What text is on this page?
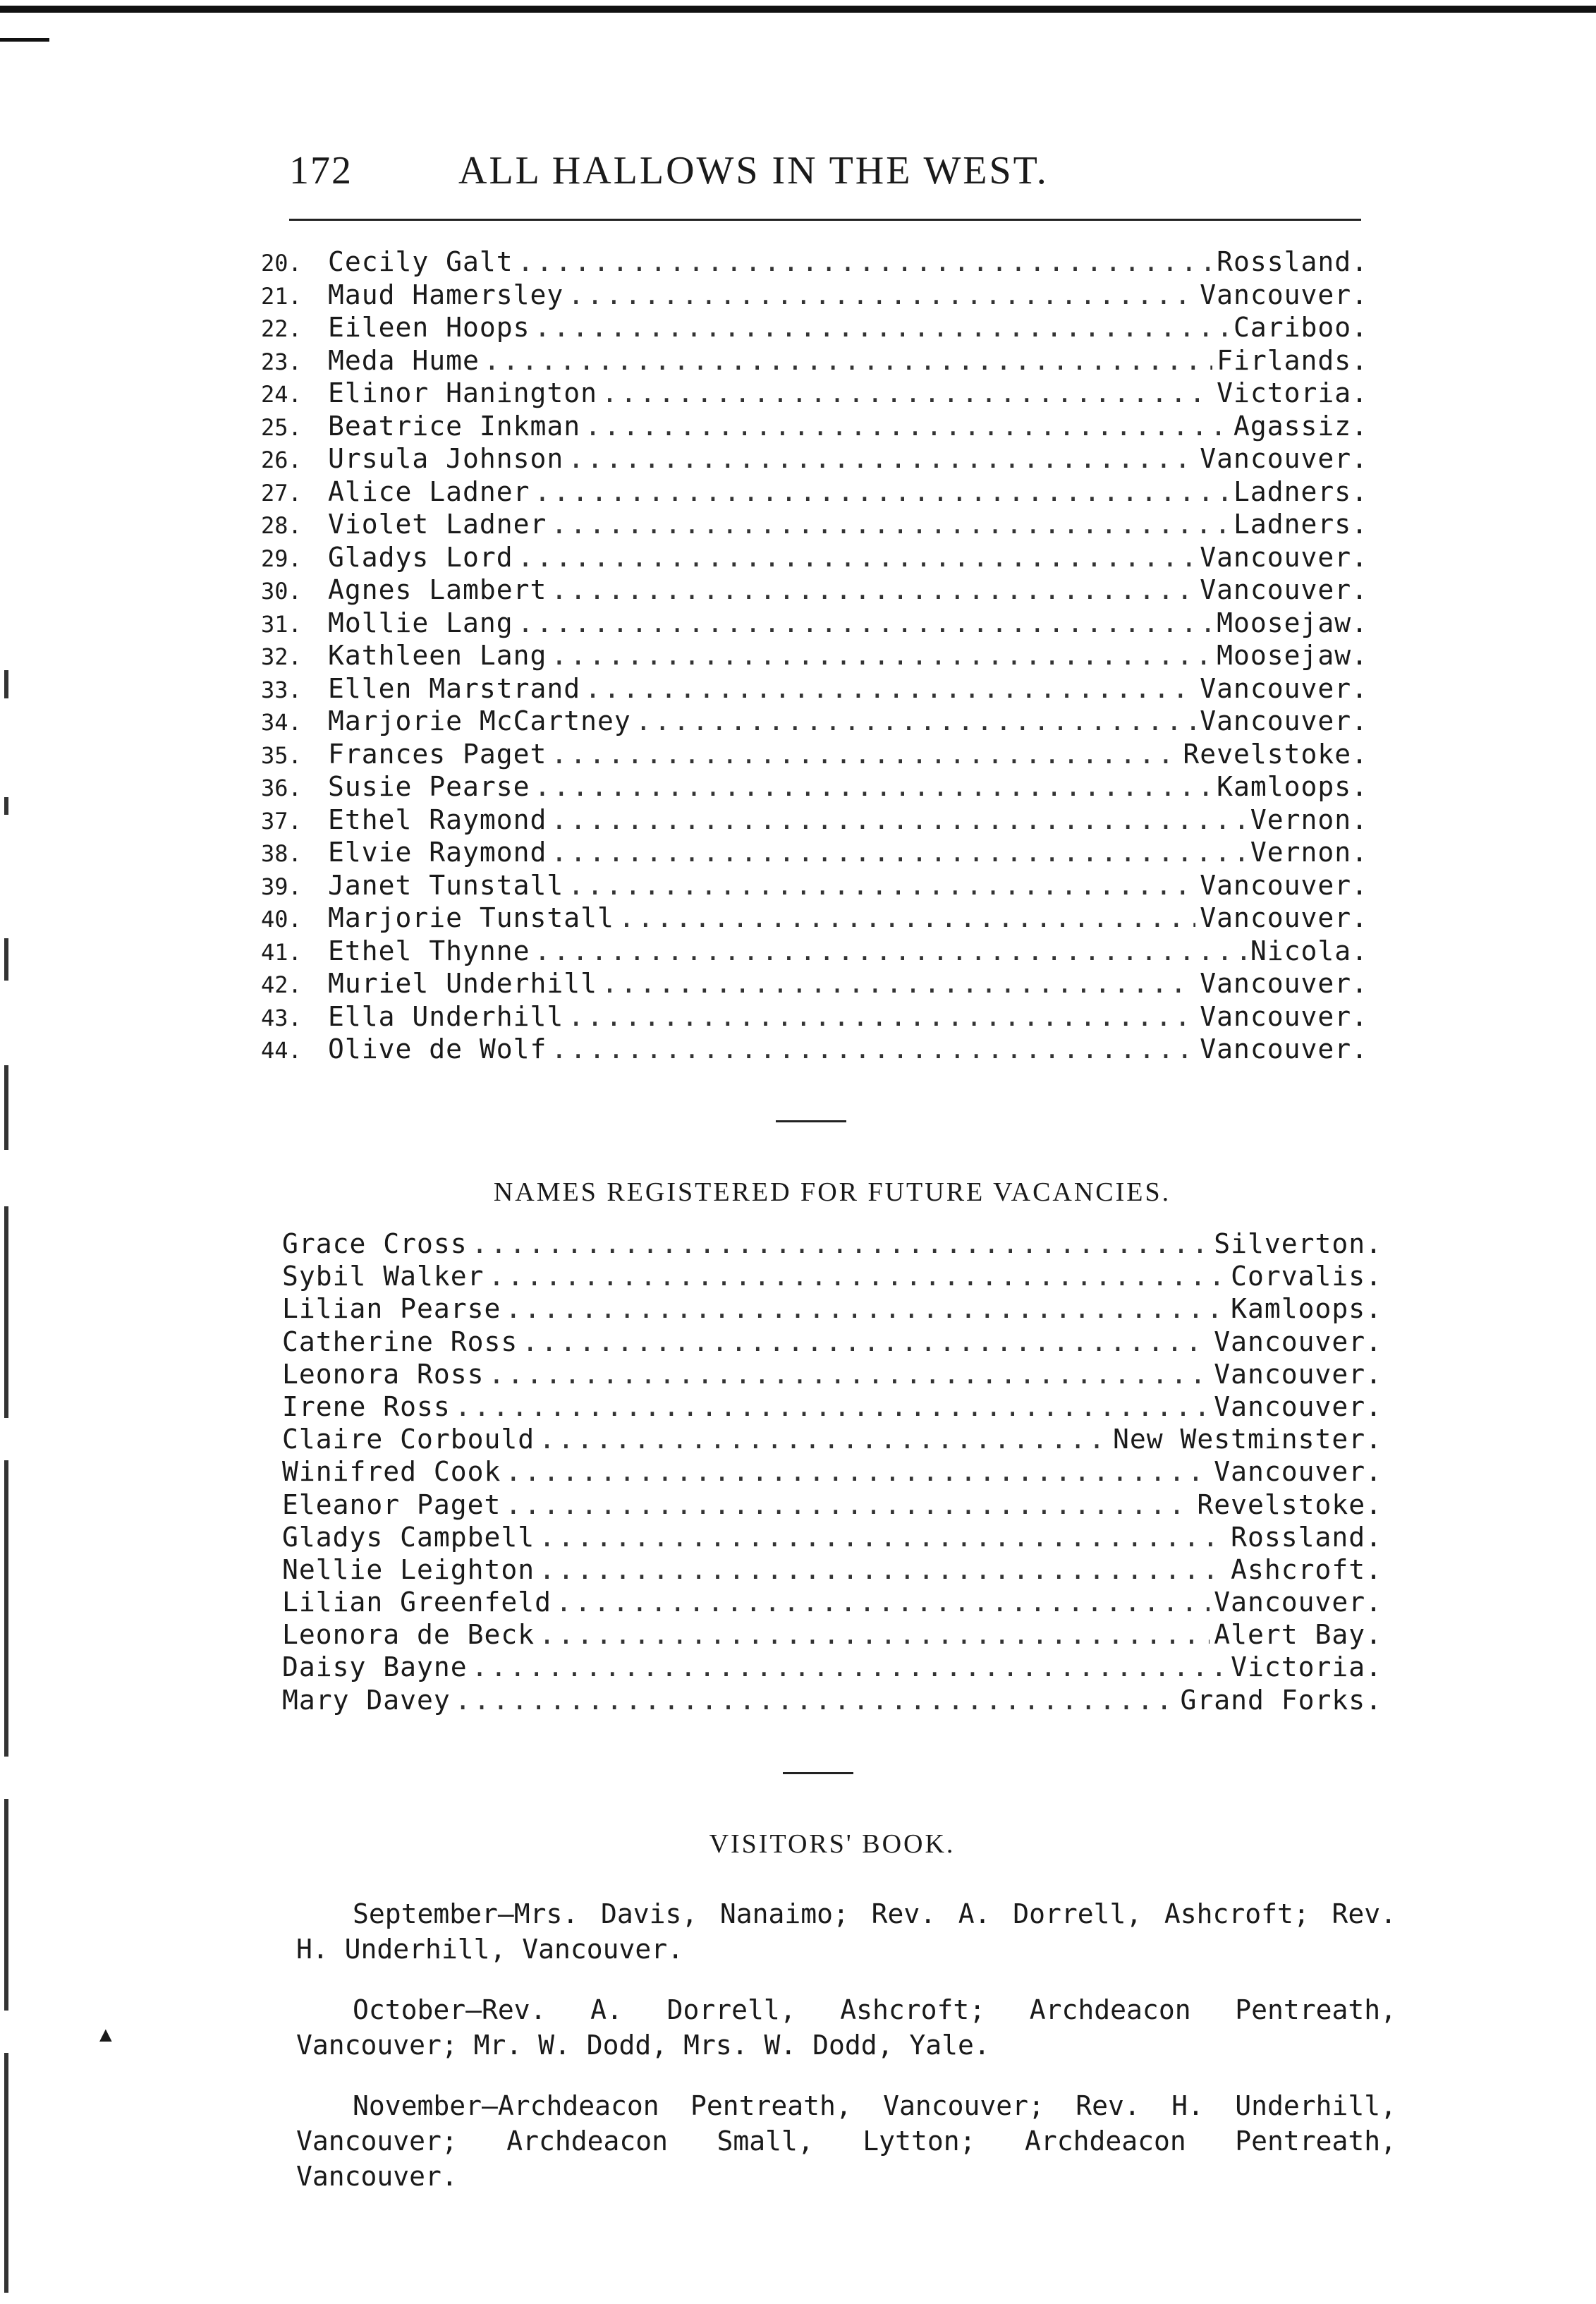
172	ALL HALLOWS IN THE WEST.
20. Cecily Galt .....	Rossland.
21. Maud Hamersley .....	Vancouver.
22. Eileen Hoops .....	Cariboo.
23. Meda Hume .....	Firlands.
24. Elinor Hanington .....	Victoria.
25. Beatrice Inkman .....	Agassiz.
26. Ursula Johnson .....	Vancouver.
27. Alice Ladner .....	Ladners.
28. Violet Ladner .....	Ladners.
29. Gladys Lord .....	Vancouver.
30. Agnes Lambert .....	Vancouver.
31. Mollie Lang .....	Moosejaw.
32. Kathleen Lang .....	Moosejaw.
33. Ellen Marstrand .....	Vancouver.
34. Marjorie McCartney .....	Vancouver.
35. Frances Paget .....	Revelstoke.
36. Susie Pearse .....	Kamloops.
37. Ethel Raymond .....	Vernon.
38. Elvie Raymond .....	Vernon.
39. Janet Tunstall .....	Vancouver.
40. Marjorie Tunstall .....	Vancouver.
41. Ethel Thynne .....	Nicola.
42. Muriel Underhill .....	Vancouver.
43. Ella Underhill .....	Vancouver.
44. Olive de Wolf .....	Vancouver.
NAMES REGISTERED FOR FUTURE VACANCIES.
Grace Cross .....	Silverton.
Sybil Walker .....	Corvalis.
Lilian Pearse .....	Kamloops.
Catherine Ross .....	Vancouver.
Leonora Ross .....	Vancouver.
Irene Ross .....	Vancouver.
Claire Corbould .....	New Westminster.
Winifred Cook .....	Vancouver.
Eleanor Paget .....	Revelstoke.
Gladys Campbell .....	Rossland.
Nellie Leighton .....	Ashcroft.
Lilian Greenfeld .....	Vancouver.
Leonora de Beck .....	Alert Bay.
Daisy Bayne .....	Victoria.
Mary Davey .....	Grand Forks.
VISITORS' BOOK.

September—Mrs. Davis, Nanaimo; Rev. A. Dorrell, Ashcroft; Rev. H. Underhill, Vancouver.

October—Rev. A. Dorrell, Ashcroft; Archdeacon Pentreath, Vancouver; Mr. W. Dodd, Mrs. W. Dodd, Yale.

November—Archdeacon Pentreath, Vancouver; Rev. H. Underhill, Vancouver; Archdeacon Small, Lytton; Archdeacon Pentreath, Vancouver.

▲
